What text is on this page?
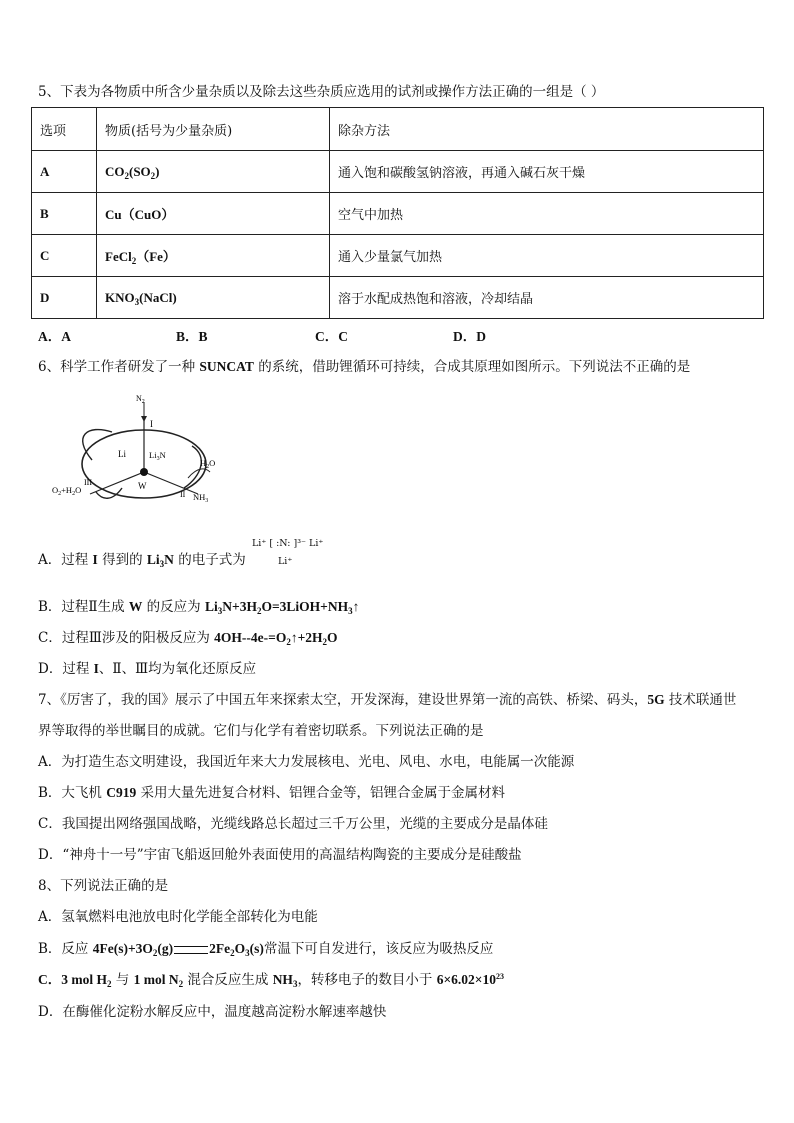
5、下表为各物质中所含少量杂质以及除去这些杂质应选用的试剂或操作方法正确的一组是（ ）
选项	物质(括号为少量杂质)	除杂方法
A	$CO_2(SO_2)$	通入饱和碳酸氢钠溶液，再通入碱石灰干燥
B	Cu（CuO）	空气中加热
C	FeCl$_2$（Fe）	通入少量氯气加热
D	$KNO_3(NaCl)$	溶于水配成热饱和溶液，冷却结晶
A．A	B．B	C．C	D．D
6、科学工作者研发了一种 SUNCAT 的系统，借助锂循环可持续，合成其原理如图所示。下列说法不正确的是
$N_2$
I
Li	$Li_3N$
$H_2O$
III	W
II $NH_3$
$O_2+H_2O$
A．过程 I 得到的 $Li_3N$ 的电子式为
Li⁺ [ :N: ]³⁻ Li⁺
Li⁺
B．过程Ⅱ生成 W 的反应为 $Li_3N+3H_2O=3LiOH+NH_3↑$
C．过程Ⅲ涉及的阳极反应为 $4OH--4e-=O_2↑+2H_2O$
D．过程 I、Ⅱ、Ⅲ均为氧化还原反应
7、《厉害了，我的国》展示了中国五年来探索太空，开发深海，建设世界第一流的高铁、桥梁、码头，5G 技术联通世
界等取得的举世瞩目的成就。它们与化学有着密切联系。下列说法正确的是
A．为打造生态文明建设，我国近年来大力发展核电、光电、风电、水电，电能属一次能源
B．大飞机 C919 采用大量先进复合材料、铝锂合金等，铝锂合金属于金属材料
C．我国提出网络强国战略，光缆线路总长超过三千万公里，光缆的主要成分是晶体硅
D．“神舟十一号”宇宙飞船返回舱外表面使用的高温结构陶瓷的主要成分是硅酸盐
8、下列说法正确的是
A．氢氧燃料电池放电时化学能全部转化为电能
B．反应 $4Fe(s)+3O_2(g)$	$2Fe_2O_3(s)$常温下可自发进行，该反应为吸热反应
C．3 mol $H_2$ 与 1 mol $N_2$ 混合反应生成 $NH_3$，转移电子的数目小于 $6\times 6.02\times 10^{23}$
D．在酶催化淀粉水解反应中，温度越高淀粉水解速率越快
